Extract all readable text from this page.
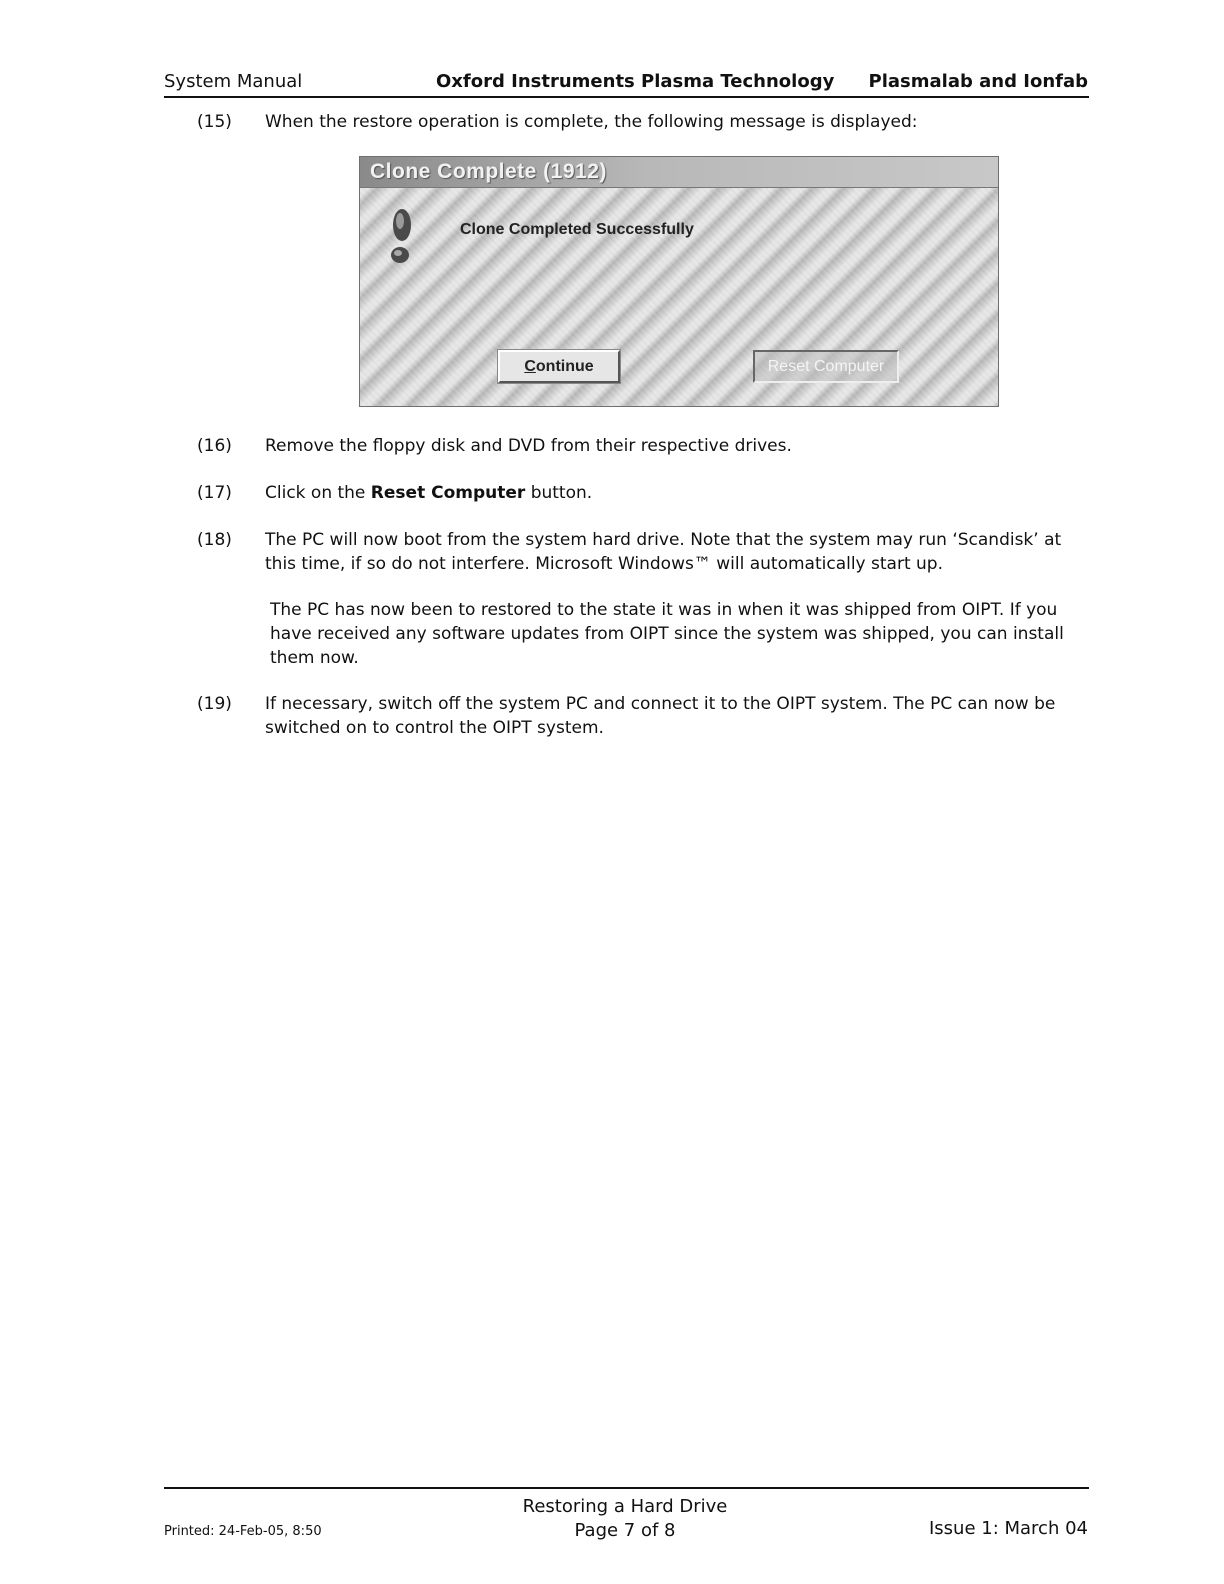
System Manual	Oxford Instruments Plasma Technology Plasmalab and Ionfab
(15)	When the restore operation is complete, the following message is displayed:
Clone Complete (1912)
Clone Completed Successfully
Continue	Reset Computer
(16)	Remove the floppy disk and DVD from their respective drives.
(17)	Click on the Reset Computer button.
(18)	The PC will now boot from the system hard drive. Note that the system may run ‘Scandisk’ at this time, if so do not interfere. Microsoft Windows™ will automatically start up.
The PC has now been to restored to the state it was in when it was shipped from OIPT. If you have received any software updates from OIPT since the system was shipped, you can install them now.
(19)	If necessary, switch off the system PC and connect it to the OIPT system. The PC can now be switched on to control the OIPT system.
Printed: 24-Feb-05, 8:50
Restoring a Hard Drive
Page 7 of 8	Issue 1: March 04
